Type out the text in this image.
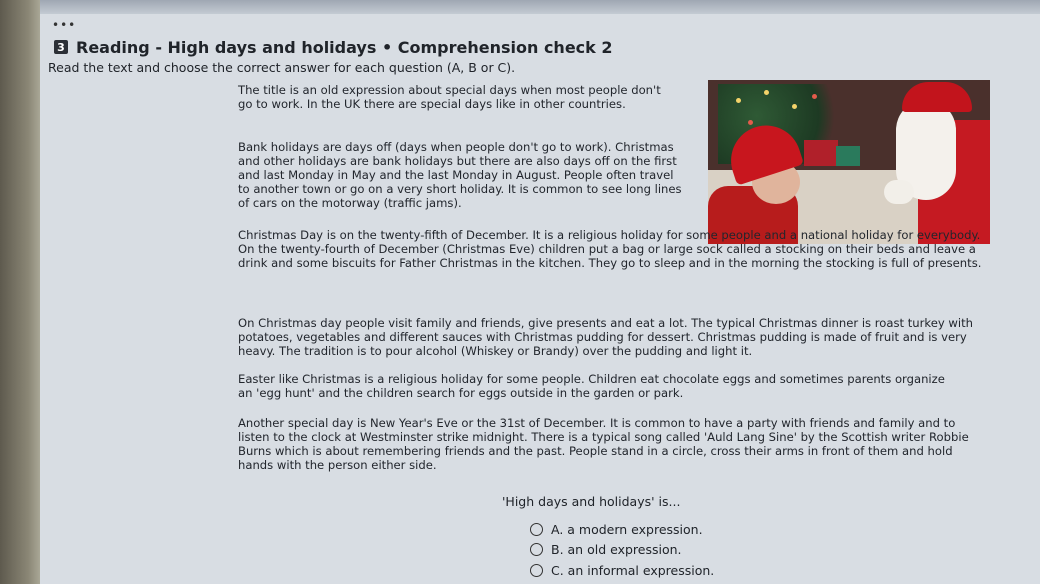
•••
3 Reading - High days and holidays • Comprehension check 2
Read the text and choose the correct answer for each question (A, B or C).

The title is an old expression about special days when most people don't go to work. In the UK there are special days like in other countries.

Bank holidays are days off (days when people don't go to work). Christmas and other holidays are bank holidays but there are also days off on the first and last Monday in May and the last Monday in August. People often travel to another town or go on a very short holiday. It is common to see long lines of cars on the motorway (traffic jams).

Christmas Day is on the twenty-fifth of December. It is a religious holiday for some people and a national holiday for everybody. On the twenty-fourth of December (Christmas Eve) children put a bag or large sock called a stocking on their beds and leave a drink and some biscuits for Father Christmas in the kitchen. They go to sleep and in the morning the stocking is full of presents.

On Christmas day people visit family and friends, give presents and eat a lot. The typical Christmas dinner is roast turkey with potatoes, vegetables and different sauces with Christmas pudding for dessert. Christmas pudding is made of fruit and is very heavy. The tradition is to pour alcohol (Whiskey or Brandy) over the pudding and light it.

Easter like Christmas is a religious holiday for some people. Children eat chocolate eggs and sometimes parents organize an 'egg hunt' and the children search for eggs outside in the garden or park.

Another special day is New Year's Eve or the 31st of December. It is common to have a party with friends and family and to listen to the clock at Westminster strike midnight. There is a typical song called 'Auld Lang Sine' by the Scottish writer Robbie Burns which is about remembering friends and the past. People stand in a circle, cross their arms in front of them and hold hands with the person either side.

'High days and holidays' is...
A. a modern expression.
B. an old expression.
C. an informal expression.
